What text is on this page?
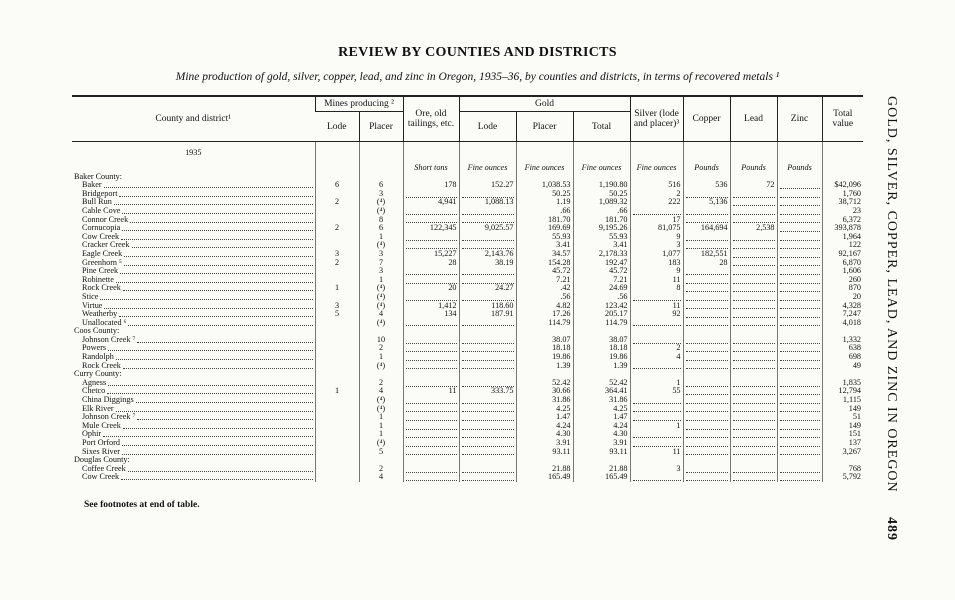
REVIEW BY COUNTIES AND DISTRICTS
Mine production of gold, silver, copper, lead, and zinc in Oregon, 1935–36, by counties and districts, in terms of recovered metals ¹
GOLD, SILVER, COPPER, LEAD, AND ZINC IN OREGON 489
County and district¹	Mines producing ²		Ore, old tailings, etc.	Gold			Silver (lode and placer)³	Copper	Lead	Zinc	Total value
	Lode	Placer		Lode	Placer	Total					
1935											
			Short tons	Fine ounces	Fine ounces	Fine ounces	Fine ounces	Pounds	Pounds	Pounds	
Baker County:											

Baker	6	6	178	152.27	1,038.53	1,190.80	516	536	72		$42,096

Bridgeport		3			50.25	50.25	2				1,760

Bull Run	2	(⁴)	4,941	1,088.13	1.19	1,089.32	222	5,136			38,712

Cable Cove		(⁴)			.66	.66					23

Connor Creek		8			181.70	181.70	17				6,372

Cornucopia	2	6	122,345	9,025.57	169.69	9,195.26	81,075	164,694	2,538		393,878

Cow Creek		1			55.93	55.93	9				1,964

Cracker Creek		(⁴)			3.41	3.41	3				122

Eagle Creek	3	3	15,227	2,143.76	34.57	2,178.33	1,077	182,551			92,167

Greenhorn ⁵	2	7	28	38.19	154.28	192.47	183	28			6,870

Pine Creek		3			45.72	45.72	9				1,606

Robinette		1			7.21	7.21	11				260

Rock Creek	1	(⁴)	20	24.27	.42	24.69	8				870

Stice		(⁴)			.56	.56					20

Virtue	3	(⁴)	1,412	118.60	4.82	123.42	11				4,328

Weatherby	5	4	134	187.91	17.26	205.17	92				7,247

Unallocated ⁶		(⁴)			114.79	114.79					4,018
Coos County:											

Johnson Creek ⁷		10			38.07	38.07					1,332

Powers		2			18.18	18.18	2				638

Randolph		1			19.86	19.86	4				698

Rock Creek		(⁴)			1.39	1.39					49
Curry County:											

Agness		2			52.42	52.42	1				1,835

Chetco	1	4	11	333.75	30.66	364.41	55				12,794

China Diggings		(⁴)			31.86	31.86					1,115

Elk River		(⁴)			4.25	4.25					149

Johnson Creek ⁷		1			1.47	1.47					51

Mule Creek		1			4.24	4.24	1				149

Ophir		1			4.30	4.30					151

Port Orford		(⁴)			3.91	3.91					137

Sixes River		5			93.11	93.11	11				3,267
Douglas County:											

Coffee Creek		2			21.88	21.88	3				768

Cow Creek		4			165.49	165.49					5,792
See footnotes at end of table.
